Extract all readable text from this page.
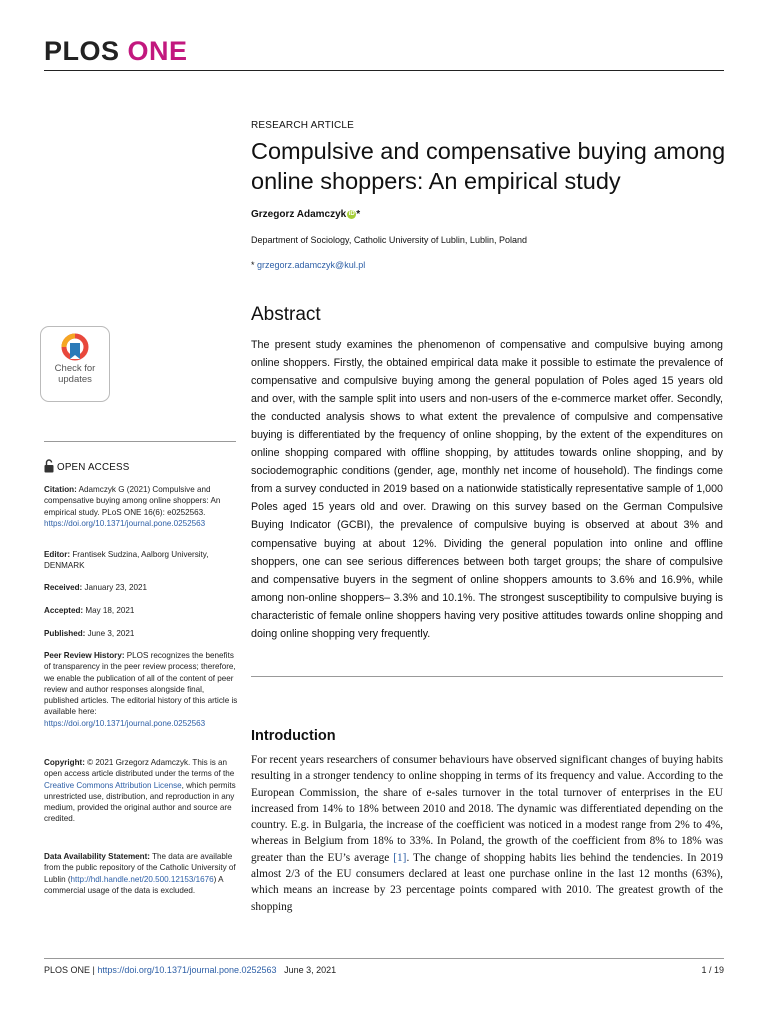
PLOS ONE
RESEARCH ARTICLE
Compulsive and compensative buying among online shoppers: An empirical study
Grzegorz Adamczyk iD *
Department of Sociology, Catholic University of Lublin, Lublin, Poland
* grzegorz.adamczyk@kul.pl
Abstract
The present study examines the phenomenon of compensative and compulsive buying among online shoppers. Firstly, the obtained empirical data make it possible to estimate the prevalence of compensative and compulsive buying among the general population of Poles aged 15 years old and over, with the sample split into users and non-users of the e-commerce market offer. Secondly, the conducted analysis shows to what extent the prevalence of compulsive and compensative buying is differentiated by the frequency of online shopping, by the extent of the expenditures on online shopping compared with offline shopping, by attitudes towards online shopping, and by sociodemographic conditions (gender, age, monthly net income of household). The findings come from a survey conducted in 2019 based on a nationwide statistically representative sample of 1,000 Poles aged 15 years old and over. Drawing on this survey based on the German Compulsive Buying Indicator (GCBI), the prevalence of compulsive buying is observed at about 3% and compensative buying at about 12%. Dividing the general population into online and offline shoppers, one can see serious differences between both target groups; the share of compulsive and compensative buyers in the segment of online shoppers amounts to 3.6% and 16.9%, while among non-online shoppers– 3.3% and 10.1%. The strongest susceptibility to compulsive buying is characteristic of female online shoppers having very positive attitudes towards online shopping and doing online shopping very frequently.
Introduction
For recent years researchers of consumer behaviours have observed significant changes of buying habits resulting in a stronger tendency to online shopping in terms of its frequency and value. According to the European Commission, the share of e-sales turnover in the total turnover of enterprises in the EU increased from 14% to 18% between 2010 and 2018. The dynamic was differentiated depending on the country. E.g. in Bulgaria, the increase of the coefficient was noticed in a modest range from 2% to 4%, whereas in Belgium from 18% to 33%. In Poland, the growth of the coefficient from 8% to 18% was greater than the EU’s average [1]. The change of shopping habits lies behind the tendencies. In 2019 almost 2/3 of the EU consumers declared at least one purchase online in the last 12 months (63%), which means an increase by 23 percentage points compared with 2010. The greatest growth of the shopping
Check for
updates
OPEN ACCESS
Citation: Adamczyk G (2021) Compulsive and compensative buying among online shoppers: An empirical study. PLoS ONE 16(6): e0252563. https://doi.org/10.1371/journal.pone.0252563
Editor: Frantisek Sudzina, Aalborg University, DENMARK
Received: January 23, 2021
Accepted: May 18, 2021
Published: June 3, 2021
Peer Review History: PLOS recognizes the benefits of transparency in the peer review process; therefore, we enable the publication of all of the content of peer review and author responses alongside final, published articles. The editorial history of this article is available here: https://doi.org/10.1371/journal.pone.0252563
Copyright: © 2021 Grzegorz Adamczyk. This is an open access article distributed under the terms of the Creative Commons Attribution License, which permits unrestricted use, distribution, and reproduction in any medium, provided the original author and source are credited.
Data Availability Statement: The data are available from the public repository of the Catholic University of Lublin (http://hdl.handle.net/20.500.12153/1676) A commercial usage of the data is excluded.
PLOS ONE | https://doi.org/10.1371/journal.pone.0252563 June 3, 2021	1 / 19
